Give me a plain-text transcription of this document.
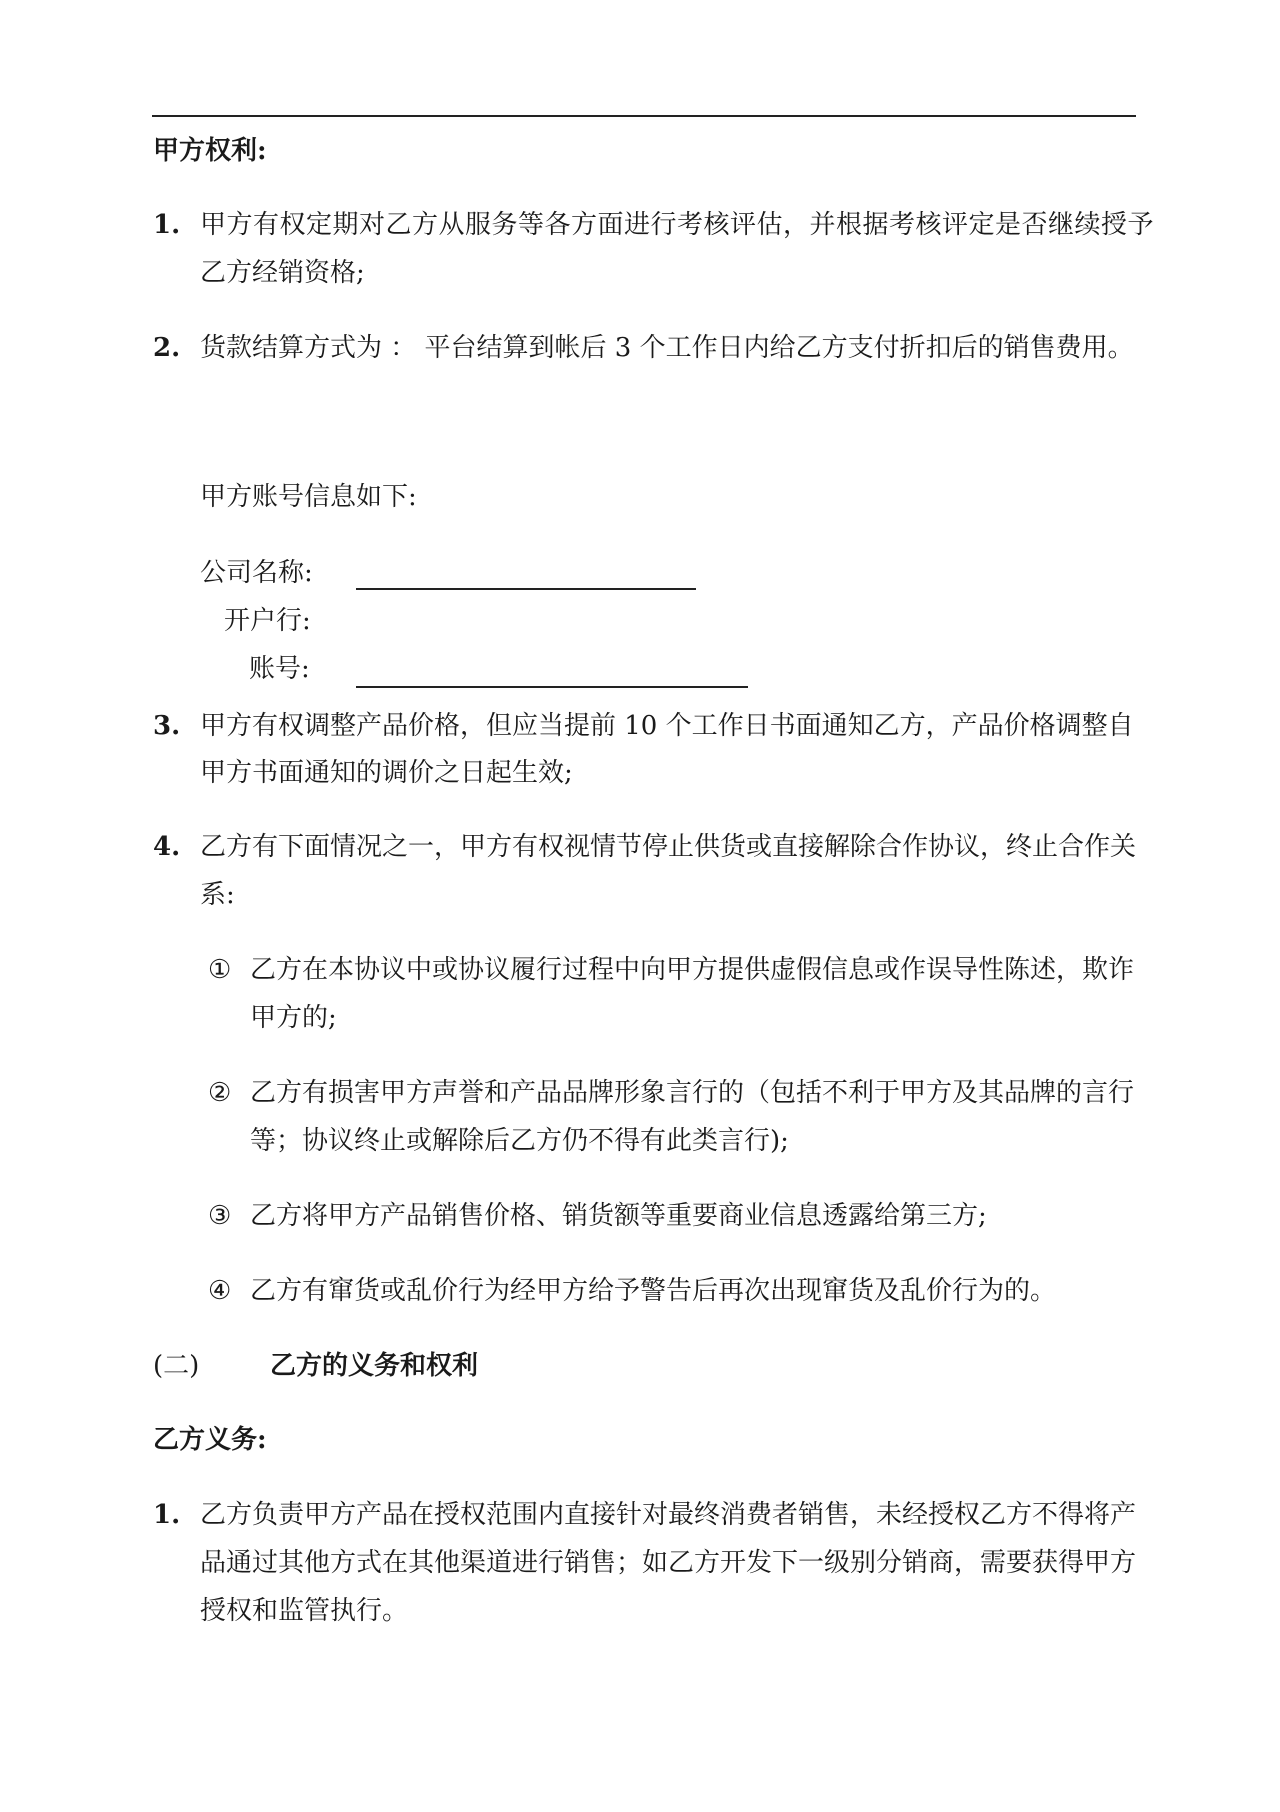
甲方权利:
1. 甲方有权定期对乙方从服务等各方面进行考核评估，并根据考核评定是否继续授予
乙方经销资格;
2. 货款结算方式为 ： 平台结算到帐后 3 个工作日内给乙方支付折扣后的销售费用。
甲方账号信息如下:
公司名称:
开户行:
账号:
3. 甲方有权调整产品价格，但应当提前 10 个工作日书面通知乙方，产品价格调整自
甲方书面通知的调价之日起生效;
4. 乙方有下面情况之一，甲方有权视情节停止供货或直接解除合作协议，终止合作关
系:
① 乙方在本协议中或协议履行过程中向甲方提供虚假信息或作误导性陈述，欺诈
甲方的;
② 乙方有损害甲方声誉和产品品牌形象言行的（包括不利于甲方及其品牌的言行
等；协议终止或解除后乙方仍不得有此类言行);
③ 乙方将甲方产品销售价格、销货额等重要商业信息透露给第三方;
④ 乙方有窜货或乱价行为经甲方给予警告后再次出现窜货及乱价行为的。
(二)	乙方的义务和权利
乙方义务:
1. 乙方负责甲方产品在授权范围内直接针对最终消费者销售，未经授权乙方不得将产
品通过其他方式在其他渠道进行销售；如乙方开发下一级别分销商，需要获得甲方
授权和监管执行。
